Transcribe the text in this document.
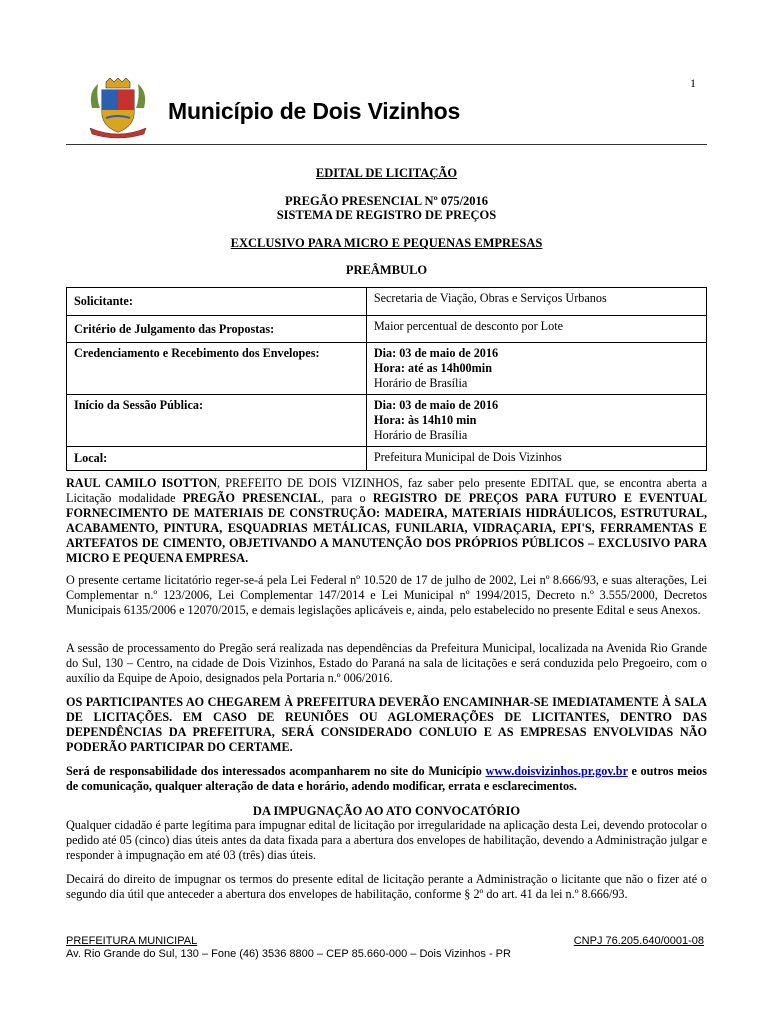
1
Município de Dois Vizinhos
EDITAL DE LICITAÇÃO
PREGÃO PRESENCIAL Nº 075/2016
SISTEMA DE REGISTRO DE PREÇOS
EXCLUSIVO PARA MICRO E PEQUENAS EMPRESAS
PREÂMBULO
Solicitante:	Secretaria de Viação, Obras e Serviços Urbanos
Critério de Julgamento das Propostas:	Maior percentual de desconto por Lote
Credenciamento e Recebimento dos Envelopes:	Dia: 03 de maio de 2016
Hora: até as 14h00min
Horário de Brasília

Início da Sessão Pública:	Dia: 03 de maio de 2016
Hora: às 14h10 min
Horário de Brasília

Local:	Prefeitura Municipal de Dois Vizinhos
RAUL CAMILO ISOTTON, PREFEITO DE DOIS VIZINHOS, faz saber pelo presente EDITAL que, se encontra aberta a Licitação modalidade PREGÃO PRESENCIAL, para o REGISTRO DE PREÇOS PARA FUTURO E EVENTUAL FORNECIMENTO DE MATERIAIS DE CONSTRUÇÃO: MADEIRA, MATERIAIS HIDRÁULICOS, ESTRUTURAL, ACABAMENTO, PINTURA, ESQUADRIAS METÁLICAS, FUNILARIA, VIDRAÇARIA, EPI'S, FERRAMENTAS E ARTEFATOS DE CIMENTO, OBJETIVANDO A MANUTENÇÃO DOS PRÓPRIOS PÚBLICOS – EXCLUSIVO PARA MICRO E PEQUENA EMPRESA.
O presente certame licitatório reger-se-á pela Lei Federal nº 10.520 de 17 de julho de 2002, Lei nº 8.666/93, e suas alterações, Lei Complementar n.º 123/2006, Lei Complementar 147/2014 e Lei Municipal nº 1994/2015, Decreto n.º 3.555/2000, Decretos Municipais 6135/2006 e 12070/2015, e demais legislações aplicáveis e, ainda, pelo estabelecido no presente Edital e seus Anexos.
A sessão de processamento do Pregão será realizada nas dependências da Prefeitura Municipal, localizada na Avenida Rio Grande do Sul, 130 – Centro, na cidade de Dois Vizinhos, Estado do Paraná na sala de licitações e será conduzida pelo Pregoeiro, com o auxílio da Equipe de Apoio, designados pela Portaria n.º 006/2016.
OS PARTICIPANTES AO CHEGAREM À PREFEITURA DEVERÃO ENCAMINHAR-SE IMEDIATAMENTE À SALA DE LICITAÇÕES. EM CASO DE REUNIÕES OU AGLOMERAÇÕES DE LICITANTES, DENTRO DAS DEPENDÊNCIAS DA PREFEITURA, SERÁ CONSIDERADO CONLUIO E AS EMPRESAS ENVOLVIDAS NÃO PODERÃO PARTICIPAR DO CERTAME.
Será de responsabilidade dos interessados acompanharem no site do Município www.doisvizinhos.pr.gov.br e outros meios de comunicação, qualquer alteração de data e horário, adendo modificar, errata e esclarecimentos.
DA IMPUGNAÇÃO AO ATO CONVOCATÓRIO
Qualquer cidadão é parte legítima para impugnar edital de licitação por irregularidade na aplicação desta Lei, devendo protocolar o pedido até 05 (cinco) dias úteis antes da data fixada para a abertura dos envelopes de habilitação, devendo a Administração julgar e responder à impugnação em até 03 (três) dias úteis.
Decairá do direito de impugnar os termos do presente edital de licitação perante a Administração o licitante que não o fizer até o segundo dia útil que anteceder a abertura dos envelopes de habilitação, conforme § 2º do art. 41 da lei n.º 8.666/93.
PREFEITURA MUNICIPAL	CNPJ 76.205.640/0001-08
Av. Rio Grande do Sul, 130 – Fone (46) 3536 8800 – CEP 85.660-000 – Dois Vizinhos - PR
